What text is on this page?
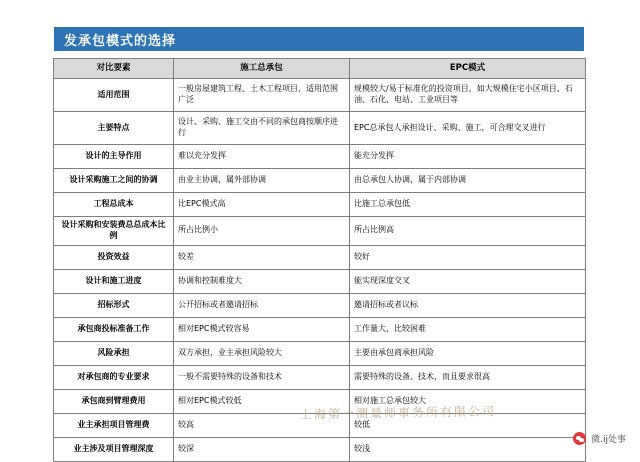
发承包模式的选择
对比要素	施工总承包	EPC模式
适用范围	一般房屋建筑工程、土木工程项目，适用范围广泛	规模较大/易于标准化的投资项目，如大规模住宅小区项目、石油、石化、电站、工业项目等
主要特点	设计、采购、施工交由不同的承包商按顺序进行	EPC总承包人承担设计、采购、施工，可合理交叉进行
设计的主导作用	难以充分发挥	能充分发挥
设计采购施工之间的协调	由业主协调，属外部协调	由总承包人协调，属于内部协调
工程总成本	比EPC模式高	比施工总承包低
设计采购和安装费总总成本比例	所占比例小	所占比例高
投资效益	较差	较好
设计和施工进度	协调和控制难度大	能实现深度交叉
招标形式	公开招标或者邀请招标	邀请招标或者议标
承包商投标准备工作	相对EPC模式较容易	工作量大，比较困难
风险承担	双方承担，业主承担风险较大	主要由承包商承担风险
对承包商的专业要求	一般不需要特殊的设备和技术	需要特殊的设备、技术，而且要求很高
承包商到臂理费用	相对EPC模式较低	相对施工总承包较大
业主承担项目管理费	较高	较低
业主涉及项目管理深度	较深	较浅
上海第一测量师事务所有限公司
微.ij处事
